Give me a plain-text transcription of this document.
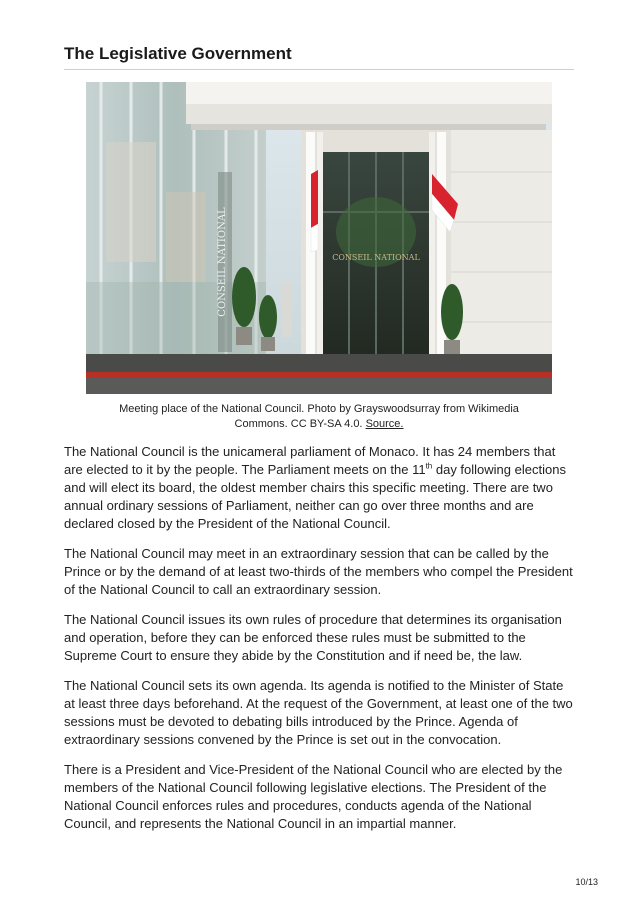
The Legislative Government
CONSEIL NATIONAL	CONSEIL NATIONAL
Meeting place of the National Council. Photo by Grayswoodsurray from Wikimedia Commons. CC BY-SA 4.0. Source.

The National Council is the unicameral parliament of Monaco. It has 24 members that are elected to it by the people. The Parliament meets on the 11th day following elections and will elect its board, the oldest member chairs this specific meeting. There are two annual ordinary sessions of Parliament, neither can go over three months and are declared closed by the President of the National Council.

The National Council may meet in an extraordinary session that can be called by the Prince or by the demand of at least two-thirds of the members who compel the President of the National Council to call an extraordinary session.

The National Council issues its own rules of procedure that determines its organisation and operation, before they can be enforced these rules must be submitted to the Supreme Court to ensure they abide by the Constitution and if need be, the law.

The National Council sets its own agenda. Its agenda is notified to the Minister of State at least three days beforehand. At the request of the Government, at least one of the two sessions must be devoted to debating bills introduced by the Prince. Agenda of extraordinary sessions convened by the Prince is set out in the convocation.

There is a President and Vice-President of the National Council who are elected by the members of the National Council following legislative elections. The President of the National Council enforces rules and procedures, conducts agenda of the National Council, and represents the National Council in an impartial manner.

10/13
